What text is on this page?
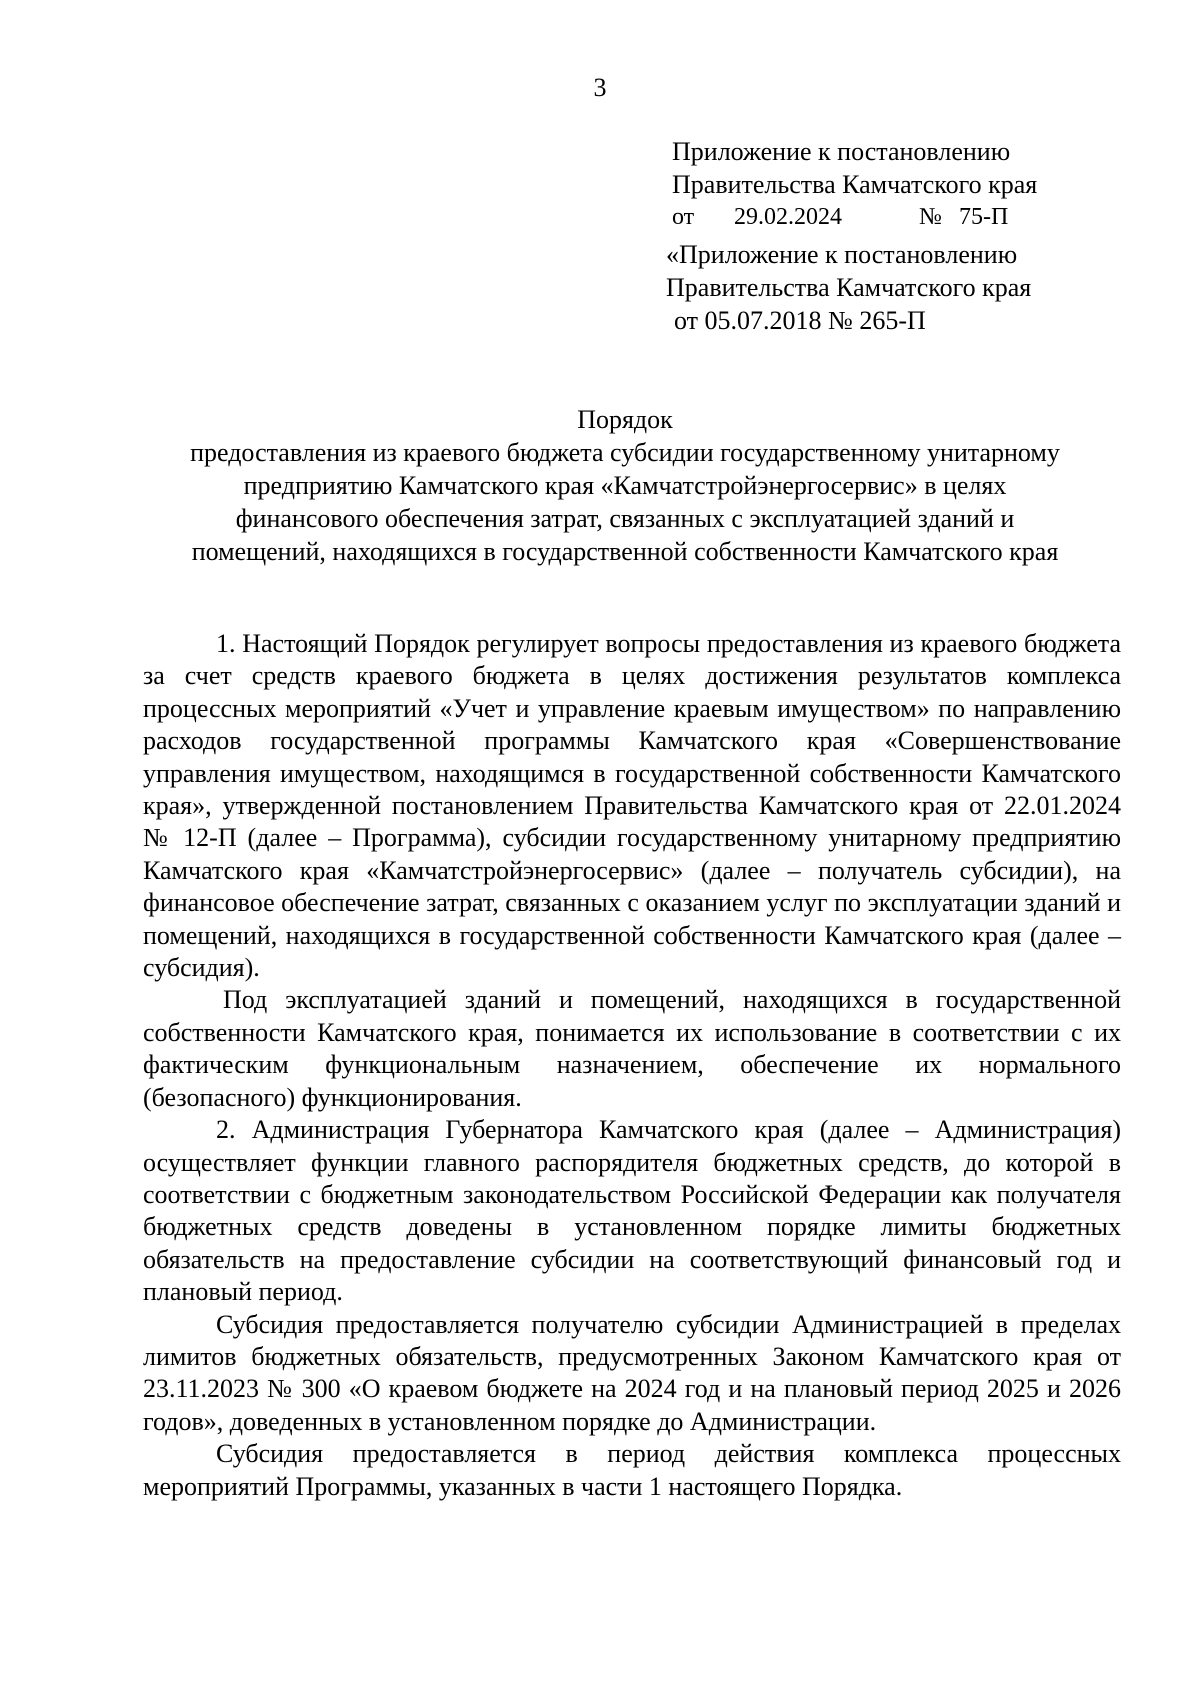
3

Приложение к постановлению

Правительства Камчатского края

от	29.02.2024	№ 75-П

«Приложение к постановлению

Правительства Камчатского края

от 05.07.2018 № 265-П

Порядок

предоставления из краевого бюджета субсидии государственному унитарному

предприятию Камчатского края «Камчатстройэнергосервис» в целях

финансового обеспечения затрат, связанных с эксплуатацией зданий и

помещений, находящихся в государственной собственности Камчатского края

1. Настоящий Порядок регулирует вопросы предоставления из краевого бюджета за счет средств краевого бюджета в целях достижения результатов комплекса процессных мероприятий «Учет и управление краевым имуществом» по направлению расходов государственной программы Камчатского края «Совершенствование управления имуществом, находящимся в государственной собственности Камчатского края», утвержденной постановлением Правительства Камчатского края от 22.01.2024 № 12-П (далее – Программа), субсидии государственному унитарному предприятию Камчатского края «Камчатстройэнергосервис» (далее – получатель субсидии), на финансовое обеспечение затрат, связанных с оказанием услуг по эксплуатации зданий и помещений, находящихся в государственной собственности Камчатского края (далее – субсидия).

Под эксплуатацией зданий и помещений, находящихся в государственной собственности Камчатского края, понимается их использование в соответствии с их фактическим функциональным назначением, обеспечение их нормального (безопасного) функционирования.

2. Администрация Губернатора Камчатского края (далее – Администрация) осуществляет функции главного распорядителя бюджетных средств, до которой в соответствии с бюджетным законодательством Российской Федерации как получателя бюджетных средств доведены в установленном порядке лимиты бюджетных обязательств на предоставление субсидии на соответствующий финансовый год и плановый период.

Субсидия предоставляется получателю субсидии Администрацией в пределах лимитов бюджетных обязательств, предусмотренных Законом Камчатского края от 23.11.2023 № 300 «О краевом бюджете на 2024 год и на плановый период 2025 и 2026 годов», доведенных в установленном порядке до Администрации.

Субсидия предоставляется в период действия комплекса процессных мероприятий Программы, указанных в части 1 настоящего Порядка.
